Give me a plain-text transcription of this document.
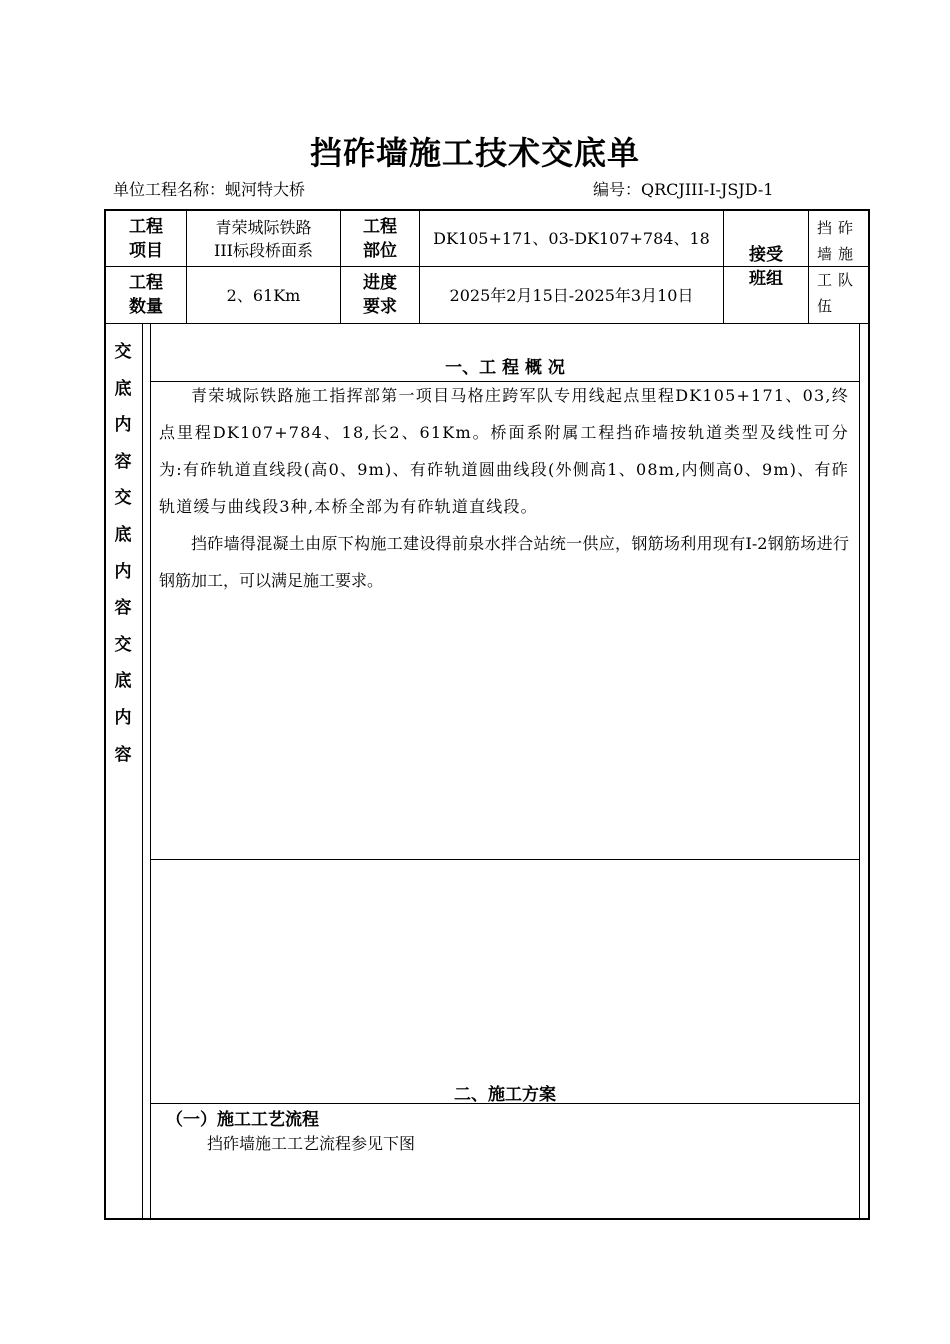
挡砟墙施工技术交底单
单位工程名称：蚬河特大桥	编号：QRCJIII-Ⅰ-JSJD-1
工程
项目
青荣城际铁路
III标段桥面系
工程
部位
DK105+171、03-DK107+784、18
工程
数量
2、61Km
进度
要求
2025年2月15日-2025年3月10日
接受
班组
挡砟墙施工队伍
交
底
内
容
交
底
内
容
交
底
内
容
一、工 程 概 况

青荣城际铁路施工指挥部第一项目马格庄跨军队专用线起点里程DK105+171、03,终点里程DK107+784、18,长2、61Km。桥面系附属工程挡砟墙按轨道类型及线性可分为:有砟轨道直线段(高0、9m)、有砟轨道圆曲线段(外侧高1、08m,内侧高0、9m)、有砟轨道缓与曲线段3种,本桥全部为有砟轨道直线段。

挡砟墙得混凝土由原下构施工建设得前泉水拌合站统一供应，钢筋场利用现有I-2钢筋场进行钢筋加工，可以满足施工要求。

二、施工方案
（一）施工工艺流程
挡砟墙施工工艺流程参见下图
